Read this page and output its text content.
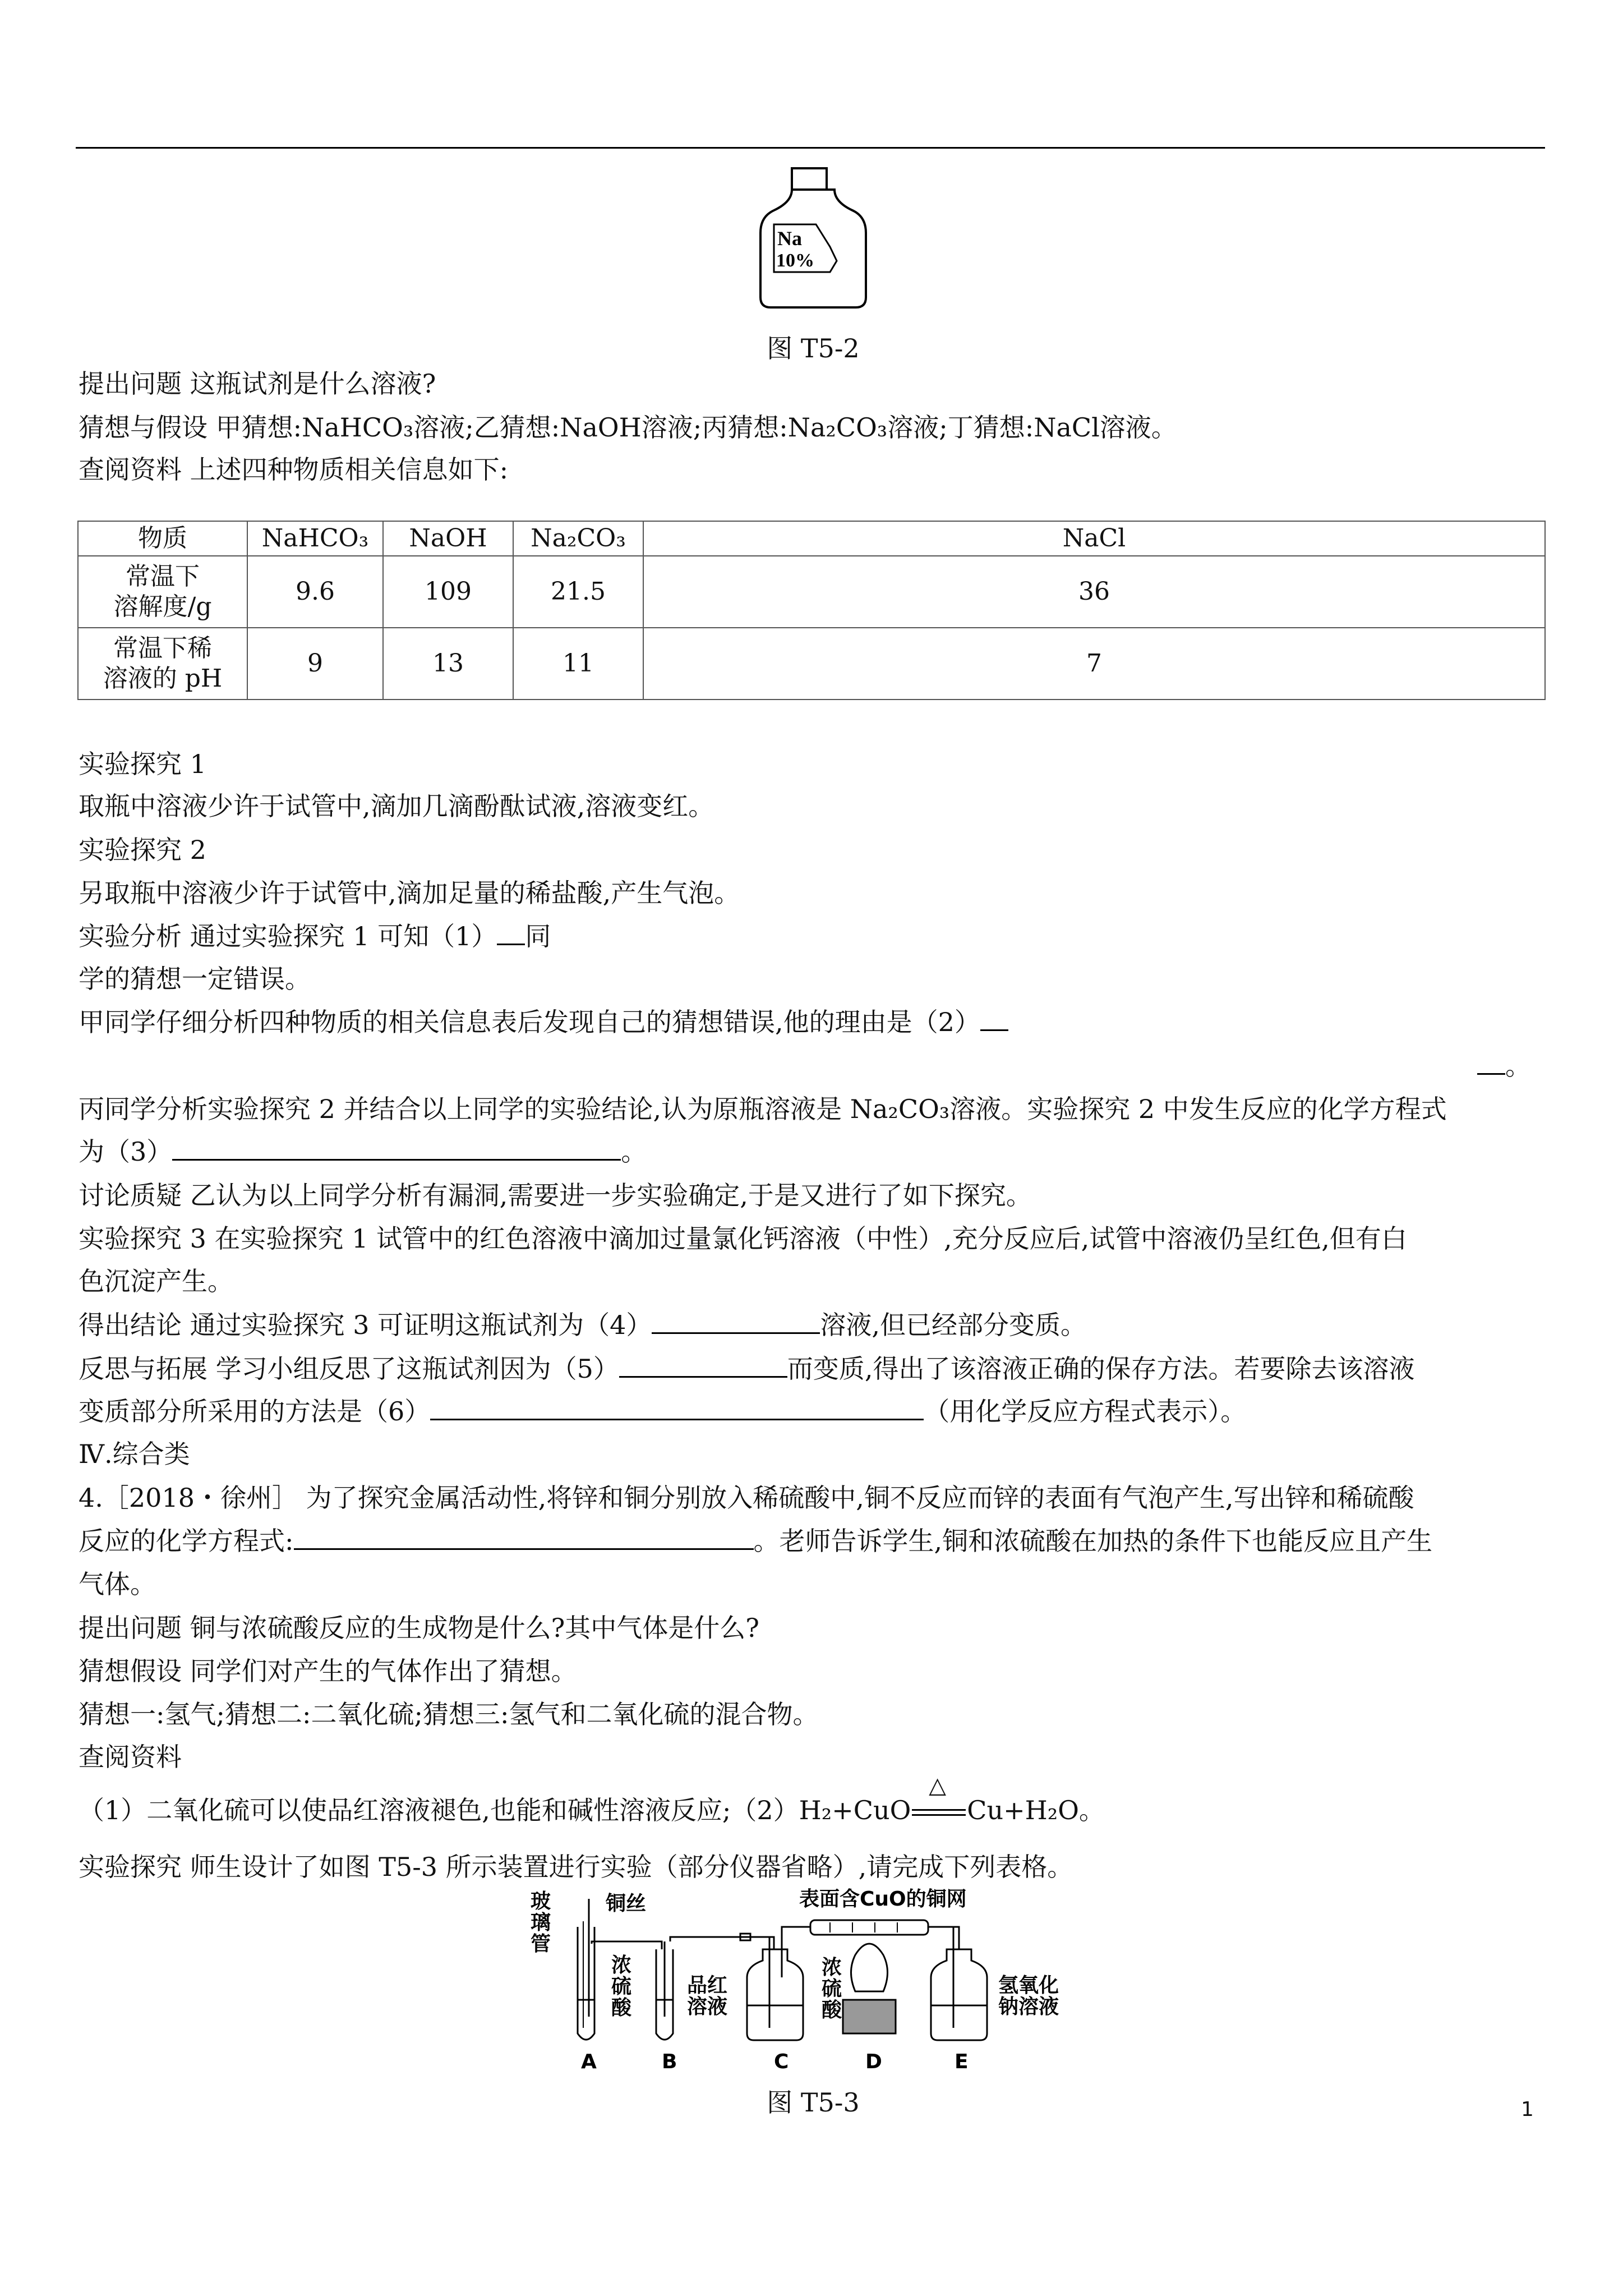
Na
10%
图 T5-2
提出问题 这瓶试剂是什么溶液?
猜想与假设 甲猜想:NaHCO₃溶液;乙猜想:NaOH溶液;丙猜想:Na₂CO₃溶液;丁猜想:NaCl溶液。
查阅资料 上述四种物质相关信息如下:
物质	NaHCO₃	NaOH	Na₂CO₃	NaCl
常温下
溶解度/g	9.6	109	21.5	36
常温下稀
溶液的 pH	9	13	11	7
实验探究 1
取瓶中溶液少许于试管中,滴加几滴酚酞试液,溶液变红。
实验探究 2
另取瓶中溶液少许于试管中,滴加足量的稀盐酸,产生气泡。
实验分析 通过实验探究 1 可知（1） 同
学的猜想一定错误。
甲同学仔细分析四种物质的相关信息表后发现自己的猜想错误,他的理由是（2）
。
丙同学分析实验探究 2 并结合以上同学的实验结论,认为原瓶溶液是 Na₂CO₃溶液。实验探究 2 中发生反应的化学方程式
为（3）	。
讨论质疑 乙认为以上同学分析有漏洞,需要进一步实验确定,于是又进行了如下探究。
实验探究 3 在实验探究 1 试管中的红色溶液中滴加过量氯化钙溶液（中性）,充分反应后,试管中溶液仍呈红色,但有白
色沉淀产生。
得出结论 通过实验探究 3 可证明这瓶试剂为（4）	溶液,但已经部分变质。
反思与拓展 学习小组反思了这瓶试剂因为（5）	而变质,得出了该溶液正确的保存方法。若要除去该溶液
变质部分所采用的方法是（6）	（用化学反应方程式表示）。
Ⅳ.综合类
4.［2018・徐州］ 为了探究金属活动性,将锌和铜分别放入稀硫酸中,铜不反应而锌的表面有气泡产生,写出锌和稀硫酸
反应的化学方程式:	。老师告诉学生,铜和浓硫酸在加热的条件下也能反应且产生
气体。
提出问题 铜与浓硫酸反应的生成物是什么?其中气体是什么?
猜想假设 同学们对产生的气体作出了猜想。
猜想一:氢气;猜想二:二氧化硫;猜想三:氢气和二氧化硫的混合物。
查阅资料
（1）二氧化硫可以使品红溶液褪色,也能和碱性溶液反应;（2）H₂+CuO
△
Cu+H₂O。
实验探究 师生设计了如图 T5-3 所示装置进行实验（部分仪器省略）,请完成下列表格。
玻
璃
管
铜丝	表面含CuO的铜网
浓
硫
酸
品红
溶液
浓
硫
酸
氢氧化
钠溶液
A	B	C	D	E
图 T5-3	1
